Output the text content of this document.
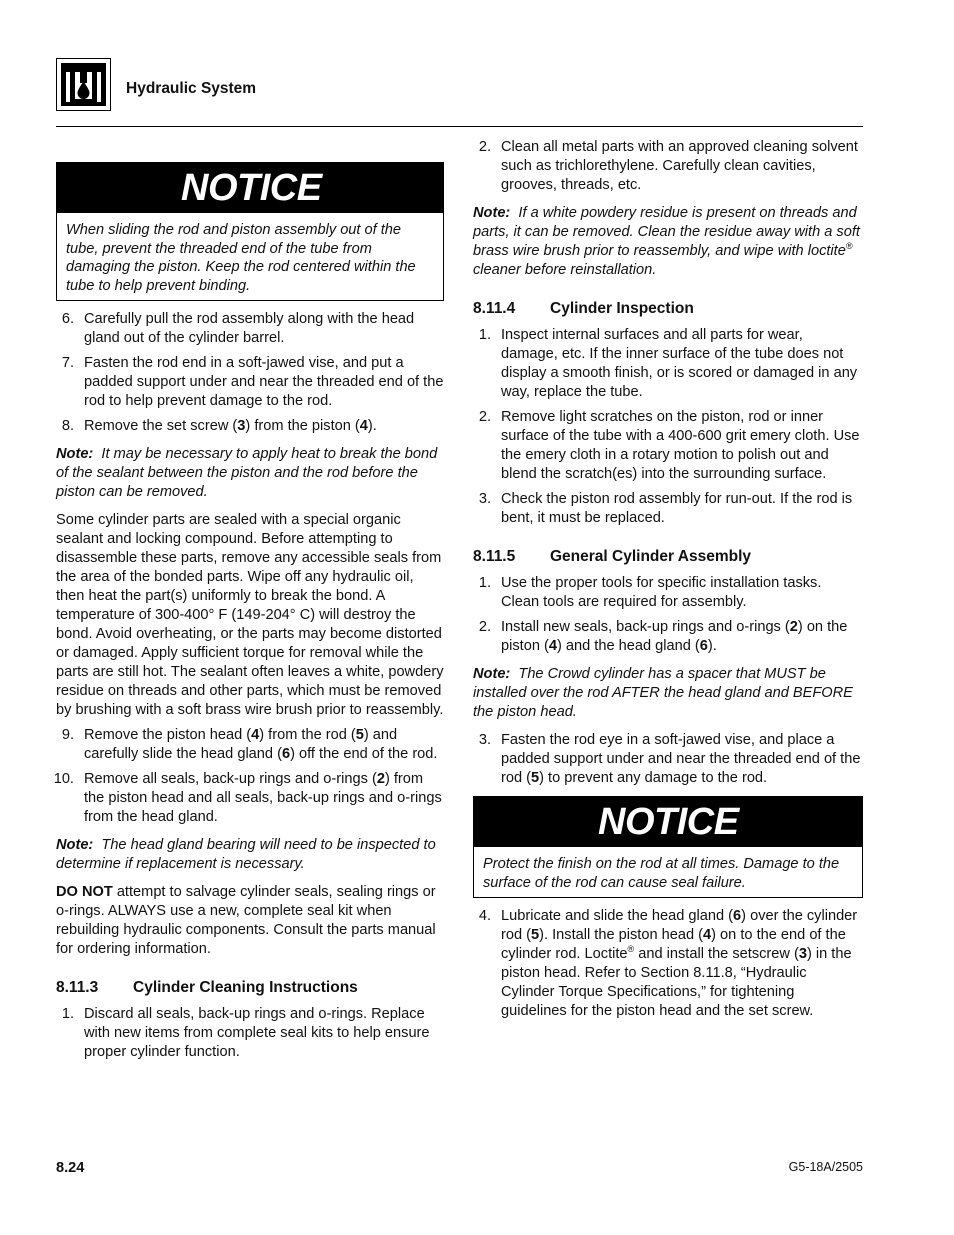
Hydraulic System
NOTICE
When sliding the rod and piston assembly out of the tube, prevent the threaded end of the tube from damaging the piston. Keep the rod centered within the tube to help prevent binding.
6. Carefully pull the rod assembly along with the head gland out of the cylinder barrel.
7. Fasten the rod end in a soft-jawed vise, and put a padded support under and near the threaded end of the rod to help prevent damage to the rod.
8. Remove the set screw (3) from the piston (4).

Note: It may be necessary to apply heat to break the bond of the sealant between the piston and the rod before the piston can be removed.

Some cylinder parts are sealed with a special organic sealant and locking compound. Before attempting to disassemble these parts, remove any accessible seals from the area of the bonded parts. Wipe off any hydraulic oil, then heat the part(s) uniformly to break the bond. A temperature of 300-400° F (149-204° C) will destroy the bond. Avoid overheating, or the parts may become distorted or damaged. Apply sufficient torque for removal while the parts are still hot. The sealant often leaves a white, powdery residue on threads and other parts, which must be removed by brushing with a soft brass wire brush prior to reassembly.

9. Remove the piston head (4) from the rod (5) and carefully slide the head gland (6) off the end of the rod.
10. Remove all seals, back-up rings and o-rings (2) from the piston head and all seals, back-up rings and o-rings from the head gland.

Note: The head gland bearing will need to be inspected to determine if replacement is necessary.

DO NOT attempt to salvage cylinder seals, sealing rings or o-rings. ALWAYS use a new, complete seal kit when rebuilding hydraulic components. Consult the parts manual for ordering information.

8.11.3 Cylinder Cleaning Instructions

1. Discard all seals, back-up rings and o-rings. Replace with new items from complete seal kits to help ensure proper cylinder function.
2. Clean all metal parts with an approved cleaning solvent such as trichlorethylene. Carefully clean cavities, grooves, threads, etc.

Note: If a white powdery residue is present on threads and parts, it can be removed. Clean the residue away with a soft brass wire brush prior to reassembly, and wipe with loctite® cleaner before reinstallation.

8.11.4 Cylinder Inspection

1. Inspect internal surfaces and all parts for wear, damage, etc. If the inner surface of the tube does not display a smooth finish, or is scored or damaged in any way, replace the tube.
2. Remove light scratches on the piston, rod or inner surface of the tube with a 400-600 grit emery cloth. Use the emery cloth in a rotary motion to polish out and blend the scratch(es) into the surrounding surface.
3. Check the piston rod assembly for run-out. If the rod is bent, it must be replaced.

8.11.5 General Cylinder Assembly

1. Use the proper tools for specific installation tasks. Clean tools are required for assembly.
2. Install new seals, back-up rings and o-rings (2) on the piston (4) and the head gland (6).

Note: The Crowd cylinder has a spacer that MUST be installed over the rod AFTER the head gland and BEFORE the piston head.

3. Fasten the rod eye in a soft-jawed vise, and place a padded support under and near the threaded end of the rod (5) to prevent any damage to the rod.
NOTICE
Protect the finish on the rod at all times. Damage to the surface of the rod can cause seal failure.
4. Lubricate and slide the head gland (6) over the cylinder rod (5). Install the piston head (4) on to the end of the cylinder rod. Loctite® and install the setscrew (3) in the piston head. Refer to Section 8.11.8, “Hydraulic Cylinder Torque Specifications,” for tightening guidelines for the piston head and the set screw.
8.24	G5-18A/2505
